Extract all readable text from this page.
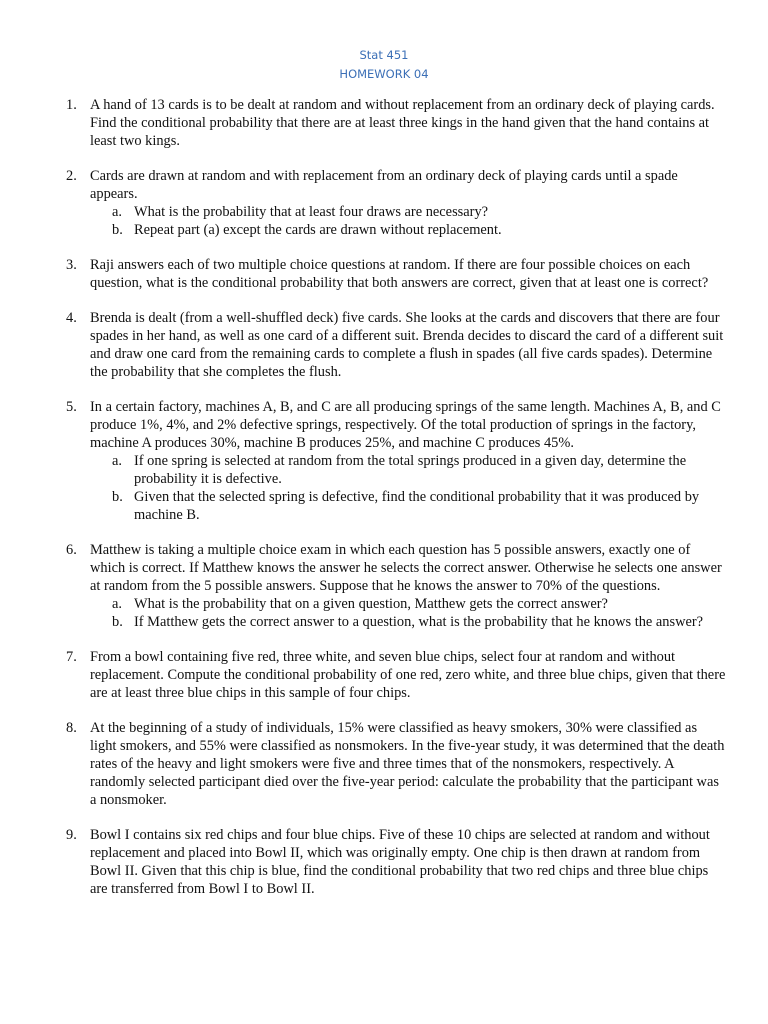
Stat 451
HOMEWORK 04
1. A hand of 13 cards is to be dealt at random and without replacement from an ordinary deck of playing cards. Find the conditional probability that there are at least three kings in the hand given that the hand contains at least two kings.
2. Cards are drawn at random and with replacement from an ordinary deck of playing cards until a spade appears.
a. What is the probability that at least four draws are necessary?
b. Repeat part (a) except the cards are drawn without replacement.
3. Raji answers each of two multiple choice questions at random. If there are four possible choices on each question, what is the conditional probability that both answers are correct, given that at least one is correct?
4. Brenda is dealt (from a well-shuffled deck) five cards. She looks at the cards and discovers that there are four spades in her hand, as well as one card of a different suit. Brenda decides to discard the card of a different suit and draw one card from the remaining cards to complete a flush in spades (all five cards spades). Determine the probability that she completes the flush.
5. In a certain factory, machines A, B, and C are all producing springs of the same length. Machines A, B, and C produce 1%, 4%, and 2% defective springs, respectively. Of the total production of springs in the factory, machine A produces 30%, machine B produces 25%, and machine C produces 45%.
a. If one spring is selected at random from the total springs produced in a given day, determine the probability it is defective.
b. Given that the selected spring is defective, find the conditional probability that it was produced by machine B.
6. Matthew is taking a multiple choice exam in which each question has 5 possible answers, exactly one of which is correct. If Matthew knows the answer he selects the correct answer. Otherwise he selects one answer at random from the 5 possible answers. Suppose that he knows the answer to 70% of the questions.
a. What is the probability that on a given question, Matthew gets the correct answer?
b. If Matthew gets the correct answer to a question, what is the probability that he knows the answer?
7. From a bowl containing five red, three white, and seven blue chips, select four at random and without replacement. Compute the conditional probability of one red, zero white, and three blue chips, given that there are at least three blue chips in this sample of four chips.
8. At the beginning of a study of individuals, 15% were classified as heavy smokers, 30% were classified as light smokers, and 55% were classified as nonsmokers. In the five-year study, it was determined that the death rates of the heavy and light smokers were five and three times that of the nonsmokers, respectively. A randomly selected participant died over the five-year period: calculate the probability that the participant was a nonsmoker.
9. Bowl I contains six red chips and four blue chips. Five of these 10 chips are selected at random and without replacement and placed into Bowl II, which was originally empty. One chip is then drawn at random from Bowl II. Given that this chip is blue, find the conditional probability that two red chips and three blue chips are transferred from Bowl I to Bowl II.
